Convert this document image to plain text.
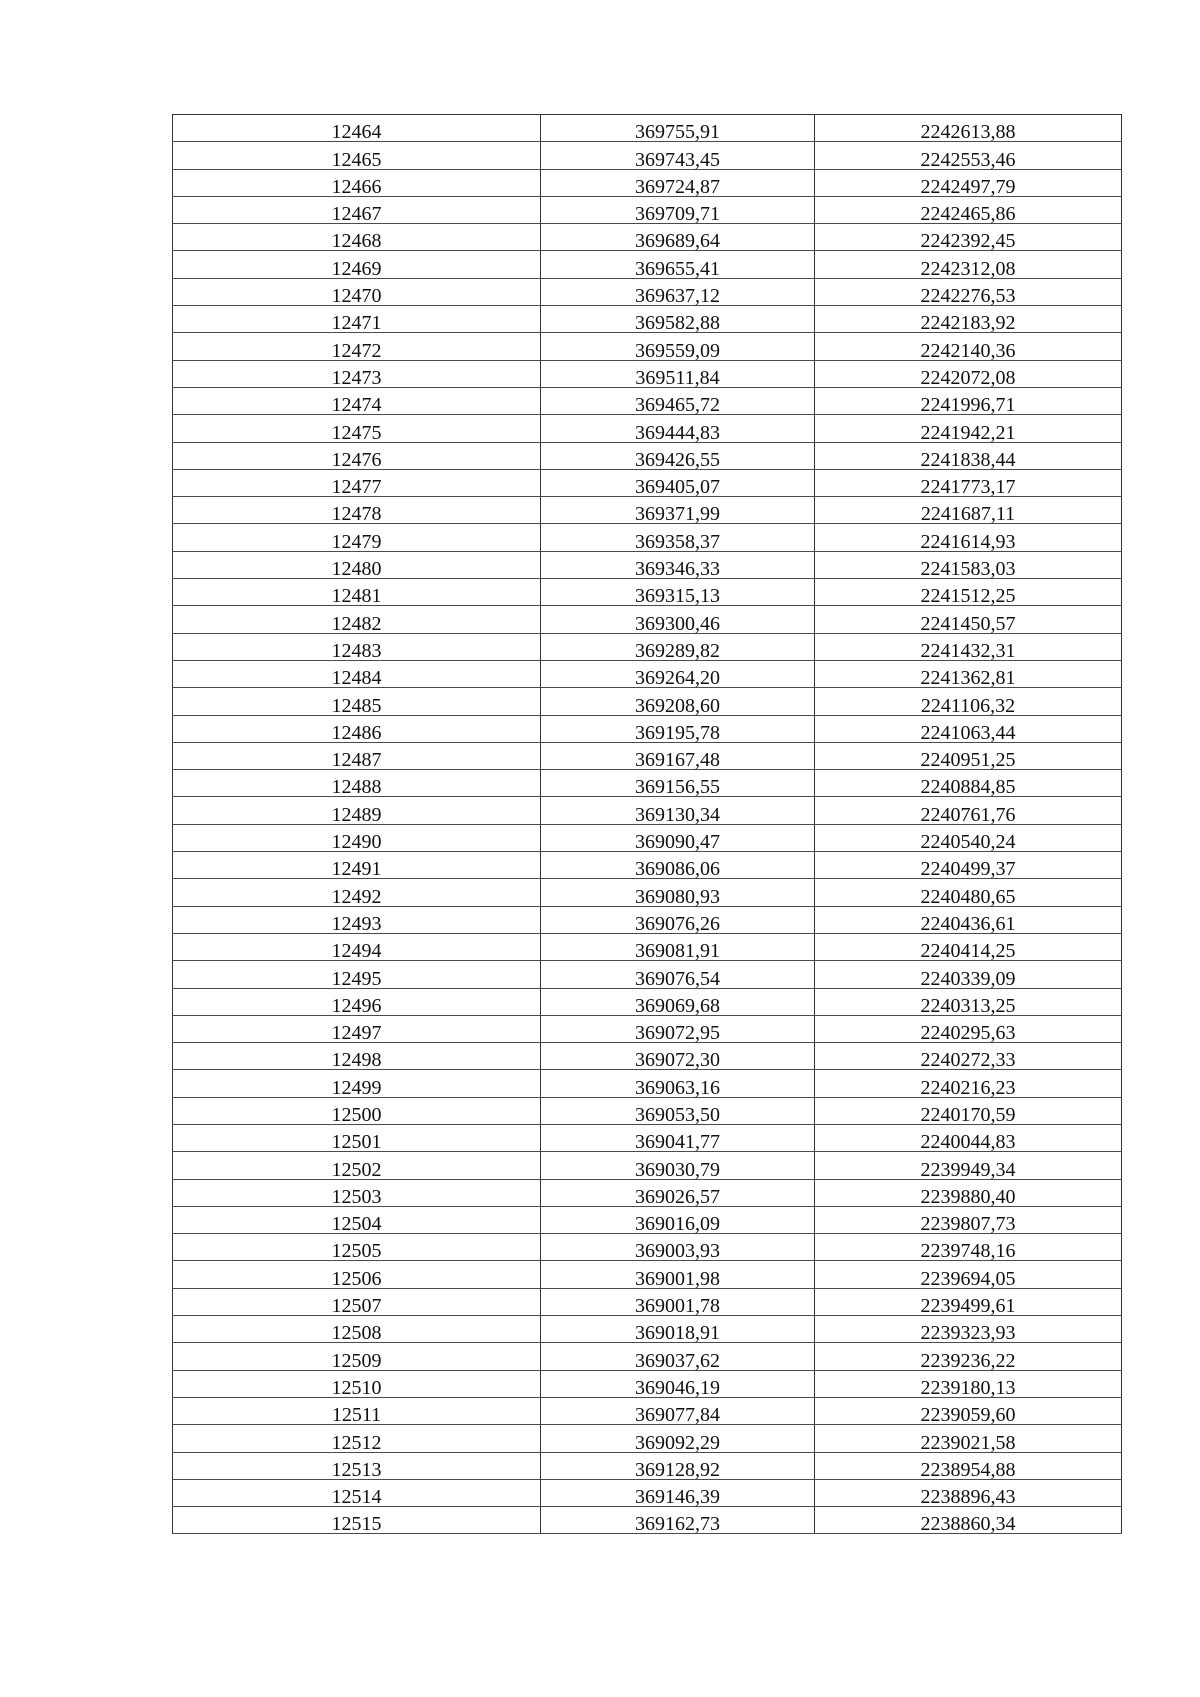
12464	369755,91	2242613,88
12465	369743,45	2242553,46
12466	369724,87	2242497,79
12467	369709,71	2242465,86
12468	369689,64	2242392,45
12469	369655,41	2242312,08
12470	369637,12	2242276,53
12471	369582,88	2242183,92
12472	369559,09	2242140,36
12473	369511,84	2242072,08
12474	369465,72	2241996,71
12475	369444,83	2241942,21
12476	369426,55	2241838,44
12477	369405,07	2241773,17
12478	369371,99	2241687,11
12479	369358,37	2241614,93
12480	369346,33	2241583,03
12481	369315,13	2241512,25
12482	369300,46	2241450,57
12483	369289,82	2241432,31
12484	369264,20	2241362,81
12485	369208,60	2241106,32
12486	369195,78	2241063,44
12487	369167,48	2240951,25
12488	369156,55	2240884,85
12489	369130,34	2240761,76
12490	369090,47	2240540,24
12491	369086,06	2240499,37
12492	369080,93	2240480,65
12493	369076,26	2240436,61
12494	369081,91	2240414,25
12495	369076,54	2240339,09
12496	369069,68	2240313,25
12497	369072,95	2240295,63
12498	369072,30	2240272,33
12499	369063,16	2240216,23
12500	369053,50	2240170,59
12501	369041,77	2240044,83
12502	369030,79	2239949,34
12503	369026,57	2239880,40
12504	369016,09	2239807,73
12505	369003,93	2239748,16
12506	369001,98	2239694,05
12507	369001,78	2239499,61
12508	369018,91	2239323,93
12509	369037,62	2239236,22
12510	369046,19	2239180,13
12511	369077,84	2239059,60
12512	369092,29	2239021,58
12513	369128,92	2238954,88
12514	369146,39	2238896,43
12515	369162,73	2238860,34
